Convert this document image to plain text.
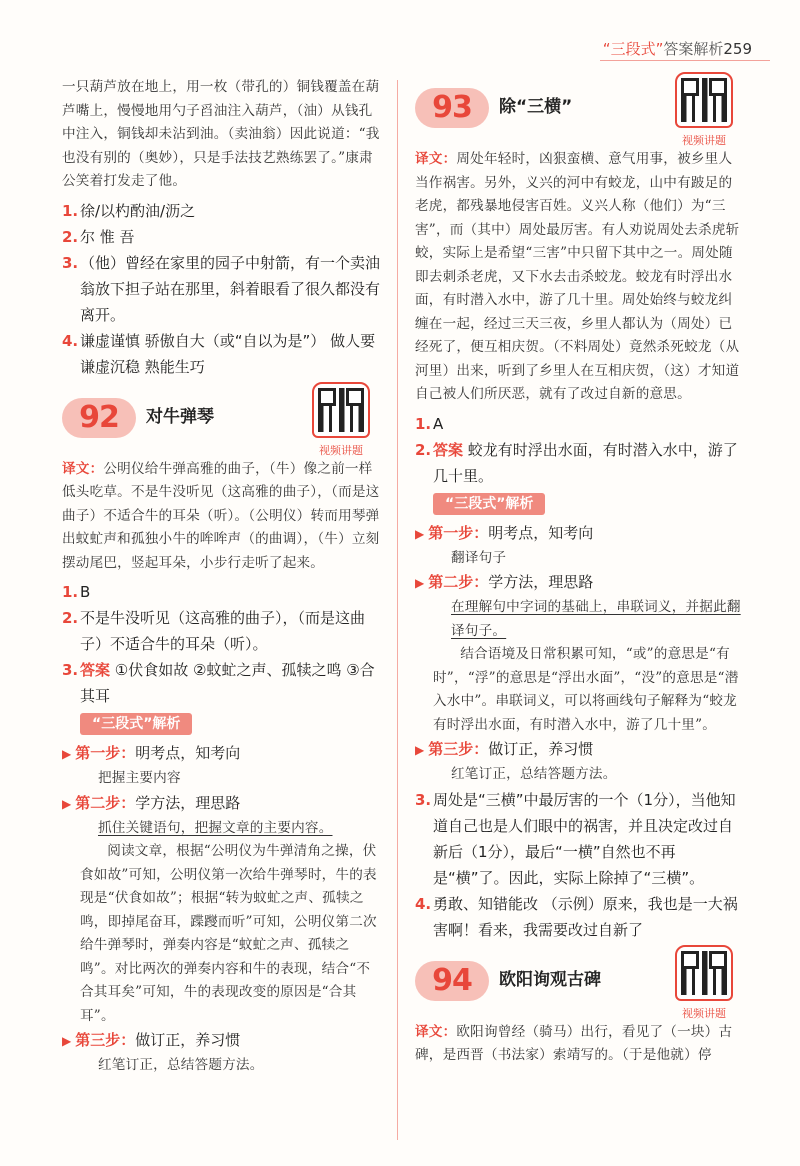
“三段式”答案解析259
一只葫芦放在地上，用一枚（带孔的）铜钱覆盖在葫芦嘴上，慢慢地用勺子舀油注入葫芦，（油）从钱孔中注入，铜钱却未沾到油。（卖油翁）因此说道：“我也没有别的（奥妙），只是手法技艺熟练罢了。”康肃公笑着打发走了他。

1. 徐/以杓酌油/沥之

2. 尔 惟 吾

3. （他）曾经在家里的园子中射箭，有一个卖油翁放下担子站在那里，斜着眼看了很久都没有离开。

4. 谦虚谨慎 骄傲自大（或“自以为是”） 做人要谦虚沉稳 熟能生巧

92 对牛弹琴
视频讲题
译文：公明仪给牛弹高雅的曲子，（牛）像之前一样低头吃草。不是牛没听见（这高雅的曲子），（而是这曲子）不适合牛的耳朵（听）。（公明仪）转而用琴弹出蚊虻声和孤独小牛的哞哞声（的曲调），（牛）立刻摆动尾巴，竖起耳朵，小步行走听了起来。

1. B

2. 不是牛没听见（这高雅的曲子），（而是这曲子）不适合牛的耳朵（听）。

3. 答案 ①伏食如故 ②蚊虻之声、孤犊之鸣 ③合其耳

“三段式”解析
▶ 第一步：明考点，知考向
把握主要内容
▶ 第二步：学方法，理思路
抓住关键语句，把握文章的主要内容。
阅读文章，根据“公明仪为牛弹清角之操，伏食如故”可知，公明仪第一次给牛弹琴时，牛的表现是“伏食如故”；根据“转为蚊虻之声、孤犊之鸣，即掉尾奋耳，蹀躞而听”可知，公明仪第二次给牛弹琴时，弹奏内容是“蚊虻之声、孤犊之鸣”。对比两次的弹奏内容和牛的表现，结合“不合其耳矣”可知，牛的表现改变的原因是“合其耳”。
▶ 第三步：做订正，养习惯
红笔订正，总结答题方法。
93 除“三横”
视频讲题
译文：周处年轻时，凶狠蛮横、意气用事，被乡里人当作祸害。另外，义兴的河中有蛟龙，山中有跛足的老虎，都残暴地侵害百姓。义兴人称（他们）为“三害”，而（其中）周处最厉害。有人劝说周处去杀虎斩蛟，实际上是希望“三害”中只留下其中之一。周处随即去刺杀老虎，又下水去击杀蛟龙。蛟龙有时浮出水面，有时潜入水中，游了几十里。周处始终与蛟龙纠缠在一起，经过三天三夜，乡里人都认为（周处）已经死了，便互相庆贺。（不料周处）竟然杀死蛟龙（从河里）出来，听到了乡里人在互相庆贺，（这）才知道自己被人们所厌恶，就有了改过自新的意思。

1. A

2. 答案 蛟龙有时浮出水面，有时潜入水中，游了几十里。

“三段式”解析
▶ 第一步：明考点，知考向
翻译句子
▶ 第二步：学方法，理思路
在理解句中字词的基础上，串联词义，并据此翻译句子。
结合语境及日常积累可知，“或”的意思是“有时”，“浮”的意思是“浮出水面”，“没”的意思是“潜入水中”。串联词义，可以将画线句子解释为“蛟龙有时浮出水面，有时潜入水中，游了几十里”。
▶ 第三步：做订正，养习惯
红笔订正，总结答题方法。

3. 周处是“三横”中最厉害的一个（1分），当他知道自己也是人们眼中的祸害，并且决定改过自新后（1分），最后“一横”自然也不再是“横”了。因此，实际上除掉了“三横”。

4. 勇敢、知错能改 （示例）原来，我也是一大祸害啊！看来，我需要改过自新了

94 欧阳询观古碑
视频讲题
译文：欧阳询曾经（骑马）出行，看见了（一块）古碑，是西晋（书法家）索靖写的。（于是他就）停
